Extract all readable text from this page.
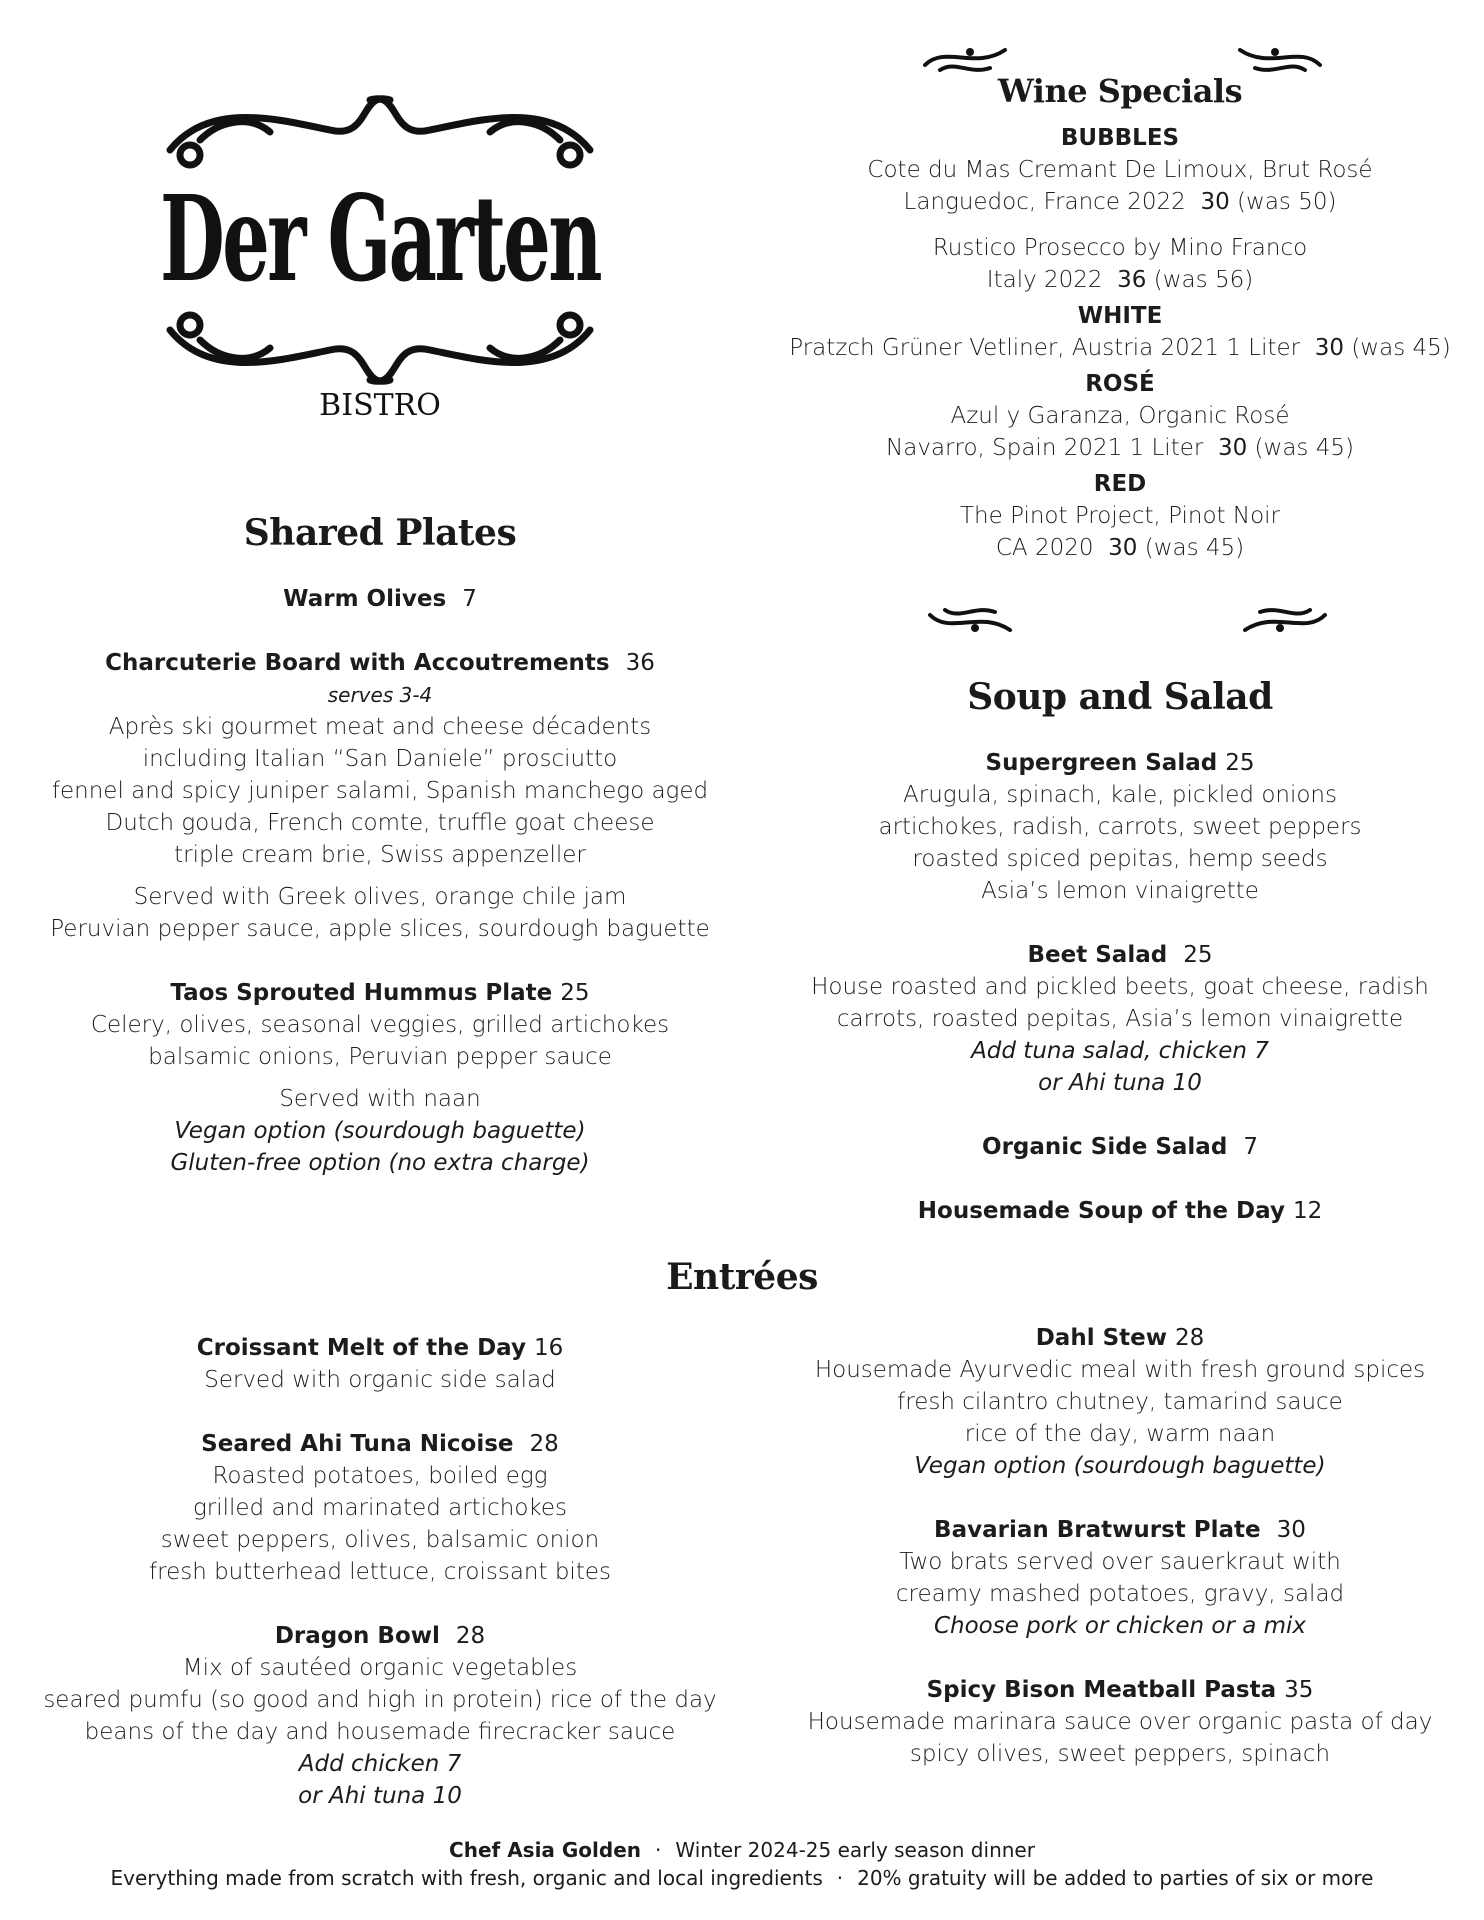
Der Garten
BISTRO
Wine Specials
BUBBLES
Cote du Mas Cremant De Limoux, Brut Rosé
Languedoc, France 2022 30 (was 50)
Rustico Prosecco by Mino Franco
Italy 2022 36 (was 56)
WHITE
Pratzch Grüner Vetliner, Austria 2021 1 Liter 30 (was 45)
ROSÉ
Azul y Garanza, Organic Rosé
Navarro, Spain 2021 1 Liter 30 (was 45)
RED
The Pinot Project, Pinot Noir
CA 2020 30 (was 45)
Shared Plates
Warm Olives 7
Charcuterie Board with Accoutrements 36
serves 3-4
Après ski gourmet meat and cheese décadents
including Italian “San Daniele” prosciutto
fennel and spicy juniper salami, Spanish manchego aged
Dutch gouda, French comte, truffle goat cheese
triple cream brie, Swiss appenzeller
Served with Greek olives, orange chile jam
Peruvian pepper sauce, apple slices, sourdough baguette
Taos Sprouted Hummus Plate 25
Celery, olives, seasonal veggies, grilled artichokes
balsamic onions, Peruvian pepper sauce
Served with naan
Vegan option (sourdough baguette)
Gluten-free option (no extra charge)
Soup and Salad
Supergreen Salad 25
Arugula, spinach, kale, pickled onions
artichokes, radish, carrots, sweet peppers
roasted spiced pepitas, hemp seeds
Asia’s lemon vinaigrette
Beet Salad 25
House roasted and pickled beets, goat cheese, radish
carrots, roasted pepitas, Asia’s lemon vinaigrette
Add tuna salad, chicken 7
or Ahi tuna 10
Organic Side Salad 7
Housemade Soup of the Day 12
Entrées
Croissant Melt of the Day 16
Served with organic side salad
Seared Ahi Tuna Nicoise 28
Roasted potatoes, boiled egg
grilled and marinated artichokes
sweet peppers, olives, balsamic onion
fresh butterhead lettuce, croissant bites
Dragon Bowl 28
Mix of sautéed organic vegetables
seared pumfu (so good and high in protein) rice of the day
beans of the day and housemade firecracker sauce
Add chicken 7
or Ahi tuna 10
Dahl Stew 28
Housemade Ayurvedic meal with fresh ground spices
fresh cilantro chutney, tamarind sauce
rice of the day, warm naan
Vegan option (sourdough baguette)
Bavarian Bratwurst Plate 30
Two brats served over sauerkraut with
creamy mashed potatoes, gravy, salad
Choose pork or chicken or a mix
Spicy Bison Meatball Pasta 35
Housemade marinara sauce over organic pasta of day
spicy olives, sweet peppers, spinach
Chef Asia Golden · Winter 2024-25 early season dinner
Everything made from scratch with fresh, organic and local ingredients · 20% gratuity will be added to parties of six or more
